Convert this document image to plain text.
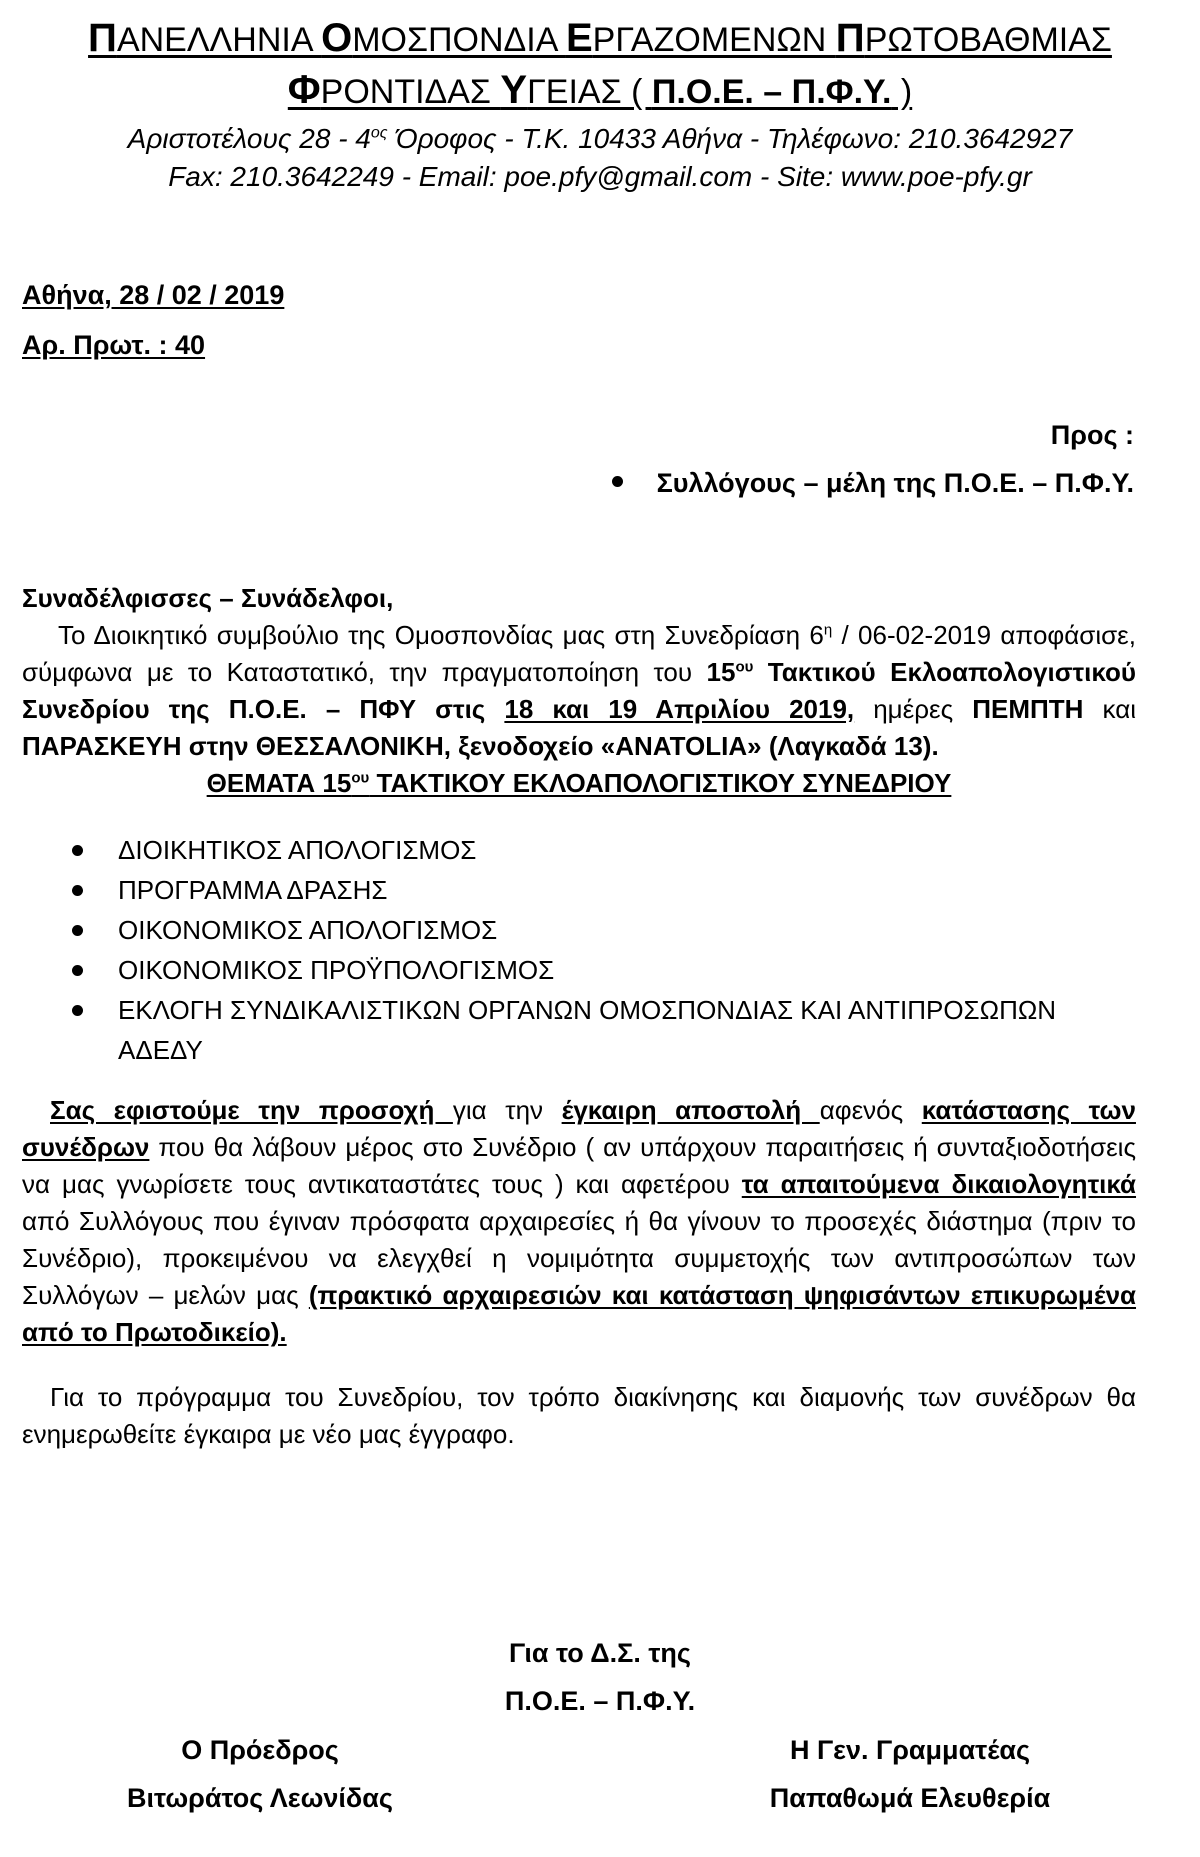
ΠΑΝΕΛΛΗΝΙΑ ΟΜΟΣΠΟΝΔΙΑ ΕΡΓΑΖΟΜΕΝΩΝ ΠΡΩΤΟΒΑΘΜΙΑΣ
ΦΡΟΝΤΙΔΑΣ ΥΓΕΙΑΣ ( Π.Ο.Ε. – Π.Φ.Υ. )
Αριστοτέλους $28 - 4^{o\varsigma}$ Όροφος - Τ.Κ. 10433 Αθήνα - Τηλέφωνο: 210.3642927
Fax: 210.3642249 - Email: poe.pfy@gmail.com - Site: www.poe-pfy.gr
Αθήνα, 28 / 02 / 2019
Αρ. Πρωτ. : 40
Προς :
Συλλόγους – μέλη της Π.Ο.Ε. – Π.Φ.Υ.
Συναδέλφισσες – Συνάδελφοι,
Το Διοικητικό συμβούλιο της Ομοσπονδίας μας στη Συνεδρίαση $6^\eta / 06-02-2019$ αποφάσισε, σύμφωνα με το Καταστατικό, την πραγματοποίηση του $15^{o\upsilon}$ Τακτικού Εκλοαπολογιστικού Συνεδρίου της Π.Ο.Ε. – ΠΦΥ στις 18 και 19 Απριλίου 2019, ημέρες ΠΕΜΠΤΗ και ΠΑΡΑΣΚΕΥΗ στην ΘΕΣΣΑΛΟΝΙΚΗ, ξενοδοχείο «ANATOLIA» (Λαγκαδά 13).
ΘΕΜΑΤΑ $15^{o\upsilon}$ ΤΑΚΤΙΚΟΥ ΕΚΛΟΑΠΟΛΟΓΙΣΤΙΚΟΥ ΣΥΝΕΔΡΙΟΥ
ΔΙΟΙΚΗΤΙΚΟΣ ΑΠΟΛΟΓΙΣΜΟΣ
ΠΡΟΓΡΑΜΜΑ ΔΡΑΣΗΣ
ΟΙΚΟΝΟΜΙΚΟΣ ΑΠΟΛΟΓΙΣΜΟΣ
ΟΙΚΟΝΟΜΙΚΟΣ ΠΡΟΫΠΟΛΟΓΙΣΜΟΣ
ΕΚΛΟΓΗ ΣΥΝΔΙΚΑΛΙΣΤΙΚΩΝ ΟΡΓΑΝΩΝ ΟΜΟΣΠΟΝΔΙΑΣ ΚΑΙ ΑΝΤΙΠΡΟΣΩΠΩΝ ΑΔΕΔΥ
Σας εφιστούμε την προσοχή για την έγκαιρη αποστολή αφενός κατάστασης των συνέδρων που θα λάβουν μέρος στο Συνέδριο ( αν υπάρχουν παραιτήσεις ή συνταξιοδοτήσεις να μας γνωρίσετε τους αντικαταστάτες τους ) και αφετέρου τα απαιτούμενα δικαιολογητικά από Συλλόγους που έγιναν πρόσφατα αρχαιρεσίες ή θα γίνουν το προσεχές διάστημα (πριν το Συνέδριο), προκειμένου να ελεγχθεί η νομιμότητα συμμετοχής των αντιπροσώπων των Συλλόγων – μελών μας (πρακτικό αρχαιρεσιών και κατάσταση ψηφισάντων επικυρωμένα από το Πρωτοδικείο).
Για το πρόγραμμα του Συνεδρίου, τον τρόπο διακίνησης και διαμονής των συνέδρων θα ενημερωθείτε έγκαιρα με νέο μας έγγραφο.
Για το Δ.Σ. της
Π.Ο.Ε. – Π.Φ.Υ.
Ο Πρόεδρος
Βιτωράτος Λεωνίδας
Η Γεν. Γραμματέας
Παπαθωμά Ελευθερία
